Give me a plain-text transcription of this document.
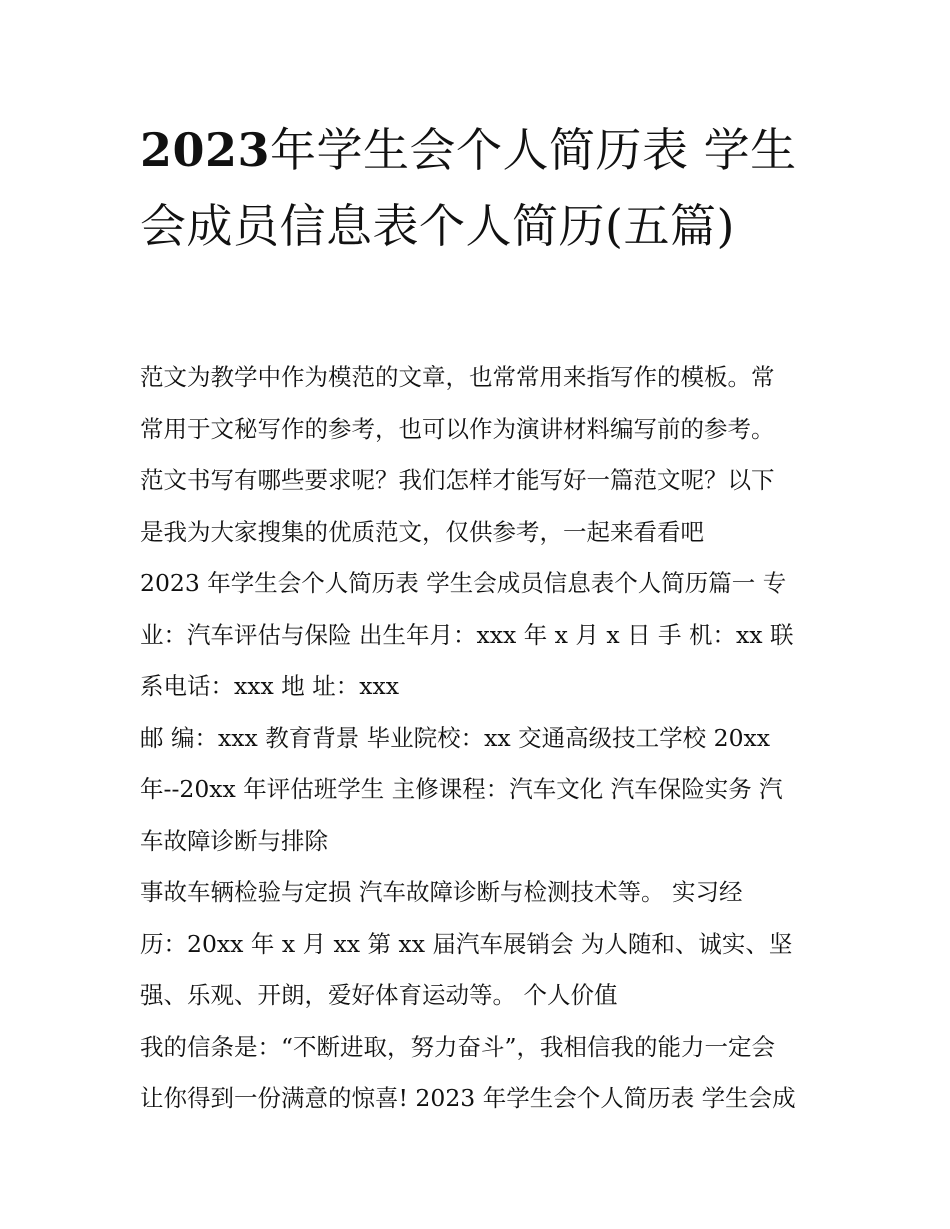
2023年学生会个人简历表 学生会成员信息表个人简历(五篇)

范文为教学中作为模范的文章，也常常用来指写作的模板。常

常用于文秘写作的参考，也可以作为演讲材料编写前的参考。

范文书写有哪些要求呢？我们怎样才能写好一篇范文呢？以下

是我为大家搜集的优质范文，仅供参考，一起来看看吧

2023 年学生会个人简历表 学生会成员信息表个人简历篇一 专

业：汽车评估与保险 出生年月：xxx 年 x 月 x 日 手 机：xx 联

系电话：xxx 地 址：xxx

邮 编：xxx 教育背景 毕业院校：xx 交通高级技工学校 20xx

年--20xx 年评估班学生 主修课程：汽车文化 汽车保险实务 汽

车故障诊断与排除

事故车辆检验与定损 汽车故障诊断与检测技术等。 实习经

历：20xx 年 x 月 xx 第 xx 届汽车展销会 为人随和、诚实、坚

强、乐观、开朗，爱好体育运动等。 个人价值

我的信条是：“不断进取，努力奋斗”，我相信我的能力一定会

让你得到一份满意的惊喜! 2023 年学生会个人简历表 学生会成
